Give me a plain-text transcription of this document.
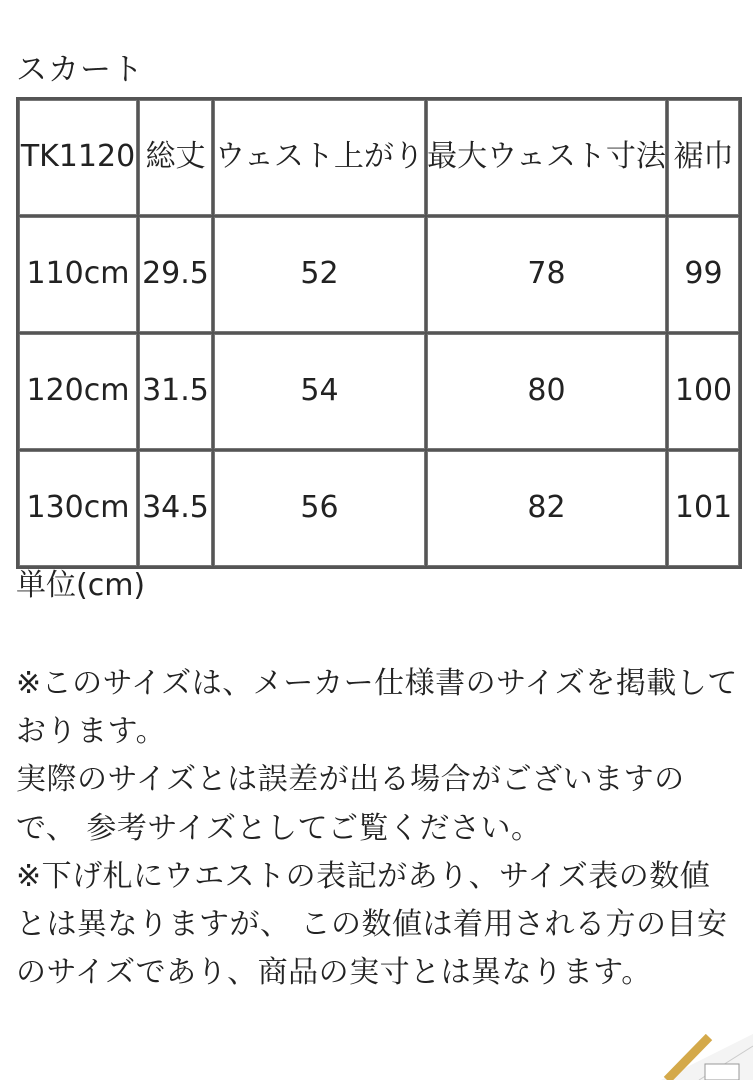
スカート
TK1120	総丈	ウェスト上がり	最大ウェスト寸法	裾巾
110cm	29.5	52	78	99
120cm	31.5	54	80	100
130cm	34.5	56	82	101
単位(cm)

※このサイズは、メーカー仕様書のサイズを掲載しております。

実際のサイズとは誤差が出る場合がございますので、 参考サイズとしてご覧ください。

※下げ札にウエストの表記があり、サイズ表の数値とは異なりますが、 この数値は着用される方の目安のサイズであり、商品の実寸とは異なります。
